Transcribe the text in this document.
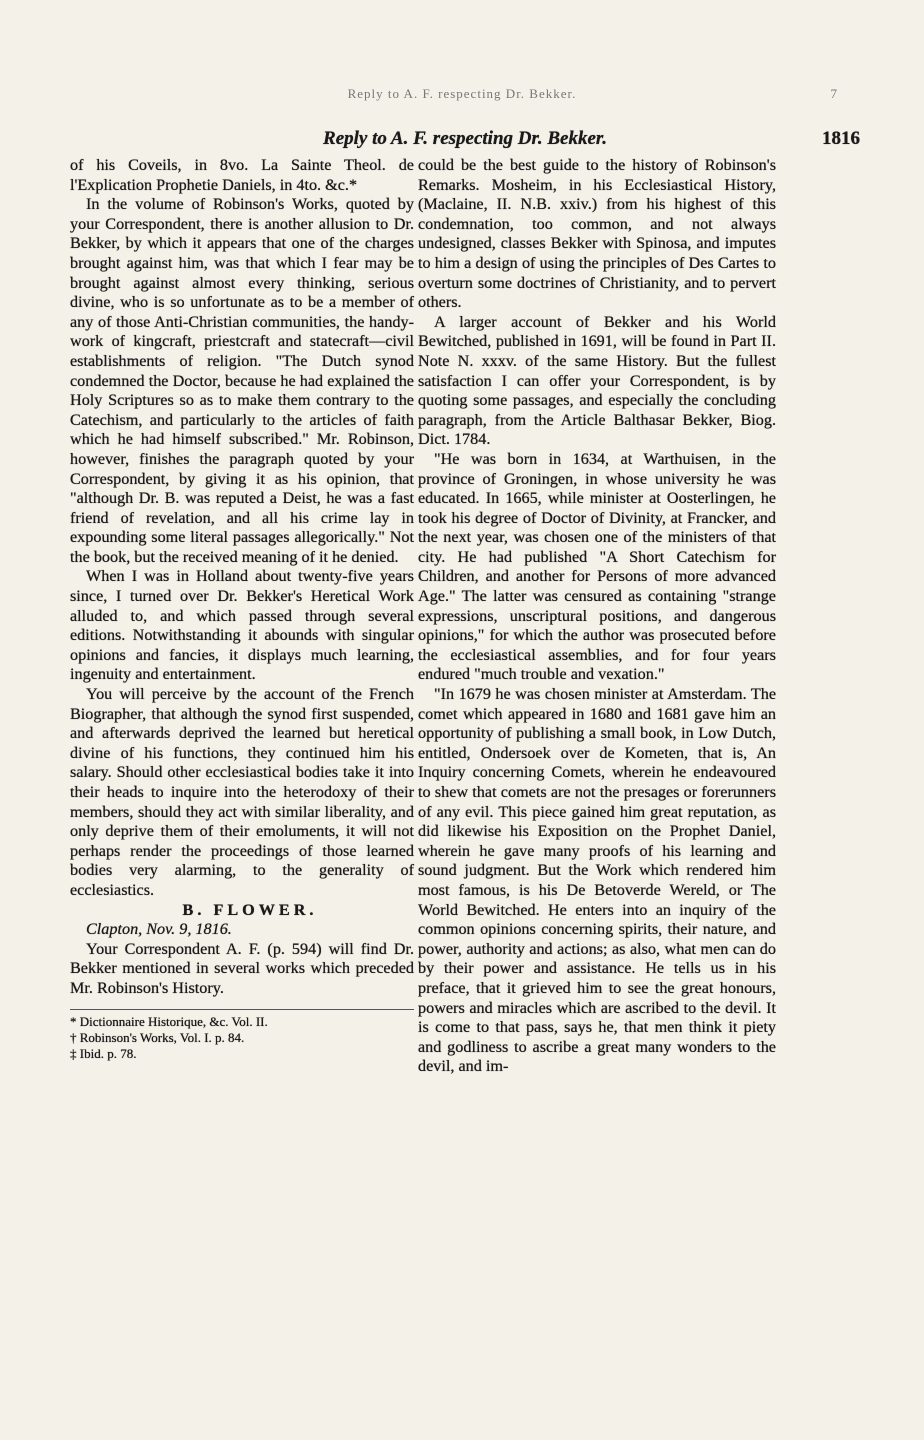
Reply to A. F. respecting Dr. Bekker.	7
Reply to A. F. respecting Dr. Bekker.	1816

of his Coveils, in 8vo. La Sainte Theol. de l'Explication Prophetie Daniels, in 4to. &c.*

In the volume of Robinson's Works, quoted by your Correspondent, there is another allusion to Dr. Bekker, by which it appears that one of the charges brought against him, was that which I fear may be brought against almost every thinking, serious divine, who is so unfortunate as to be a member of any of those Anti-Christian communities, the handy-work of kingcraft, priestcraft and statecraft—civil establishments of religion. "The Dutch synod condemned the Doctor, because he had explained the Holy Scriptures so as to make them contrary to the Catechism, and particularly to the articles of faith which he had himself subscribed." Mr. Robinson, however, finishes the paragraph quoted by your Correspondent, by giving it as his opinion, that "although Dr. B. was reputed a Deist, he was a fast friend of revelation, and all his crime lay in expounding some literal passages allegorically." Not the book, but the received meaning of it he denied.

When I was in Holland about twenty-five years since, I turned over Dr. Bekker's Heretical Work alluded to, and which passed through several editions. Notwithstanding it abounds with singular opinions and fancies, it displays much learning, ingenuity and entertainment.

You will perceive by the account of the French Biographer, that although the synod first suspended, and afterwards deprived the learned but heretical divine of his functions, they continued him his salary. Should other ecclesiastical bodies take it into their heads to inquire into the heterodoxy of their members, should they act with similar liberality, and only deprive them of their emoluments, it will not perhaps render the proceedings of those learned bodies very alarming, to the generality of ecclesiastics.

B. FLOWER.

Clapton, Nov. 9, 1816.

Your Correspondent A. F. (p. 594) will find Dr. Bekker mentioned in several works which preceded Mr. Robinson's History.

* Dictionnaire Historique, &c. Vol. II.
† Robinson's Works, Vol. I. p. 84.
‡ Ibid. p. 78.

could be the best guide to the history of Robinson's Remarks. Mosheim, in his Ecclesiastical History, (Maclaine, II. N.B. xxiv.) from his highest of this condemnation, too common, and not always undesigned, classes Bekker with Spinosa, and imputes to him a design of using the principles of Des Cartes to overturn some doctrines of Christianity, and to pervert others.

A larger account of Bekker and his World Bewitched, published in 1691, will be found in Part II. Note N. xxxv. of the same History. But the fullest satisfaction I can offer your Correspondent, is by quoting some passages, and especially the concluding paragraph, from the Article Balthasar Bekker, Biog. Dict. 1784.

"He was born in 1634, at Warthuisen, in the province of Groningen, in whose university he was educated. In 1665, while minister at Oosterlingen, he took his degree of Doctor of Divinity, at Francker, and the next year, was chosen one of the ministers of that city. He had published "A Short Catechism for Children, and another for Persons of more advanced Age." The latter was censured as containing "strange expressions, unscriptural positions, and dangerous opinions," for which the author was prosecuted before the ecclesiastical assemblies, and for four years endured "much trouble and vexation."

"In 1679 he was chosen minister at Amsterdam. The comet which appeared in 1680 and 1681 gave him an opportunity of publishing a small book, in Low Dutch, entitled, Ondersoek over de Kometen, that is, An Inquiry concerning Comets, wherein he endeavoured to shew that comets are not the presages or forerunners of any evil. This piece gained him great reputation, as did likewise his Exposition on the Prophet Daniel, wherein he gave many proofs of his learning and sound judgment. But the Work which rendered him most famous, is his De Betoverde Wereld, or The World Bewitched. He enters into an inquiry of the common opinions concerning spirits, their nature, and power, authority and actions; as also, what men can do by their power and assistance. He tells us in his preface, that it grieved him to see the great honours, powers and miracles which are ascribed to the devil. It is come to that pass, says he, that men think it piety and godliness to ascribe a great many wonders to the devil, and im-
